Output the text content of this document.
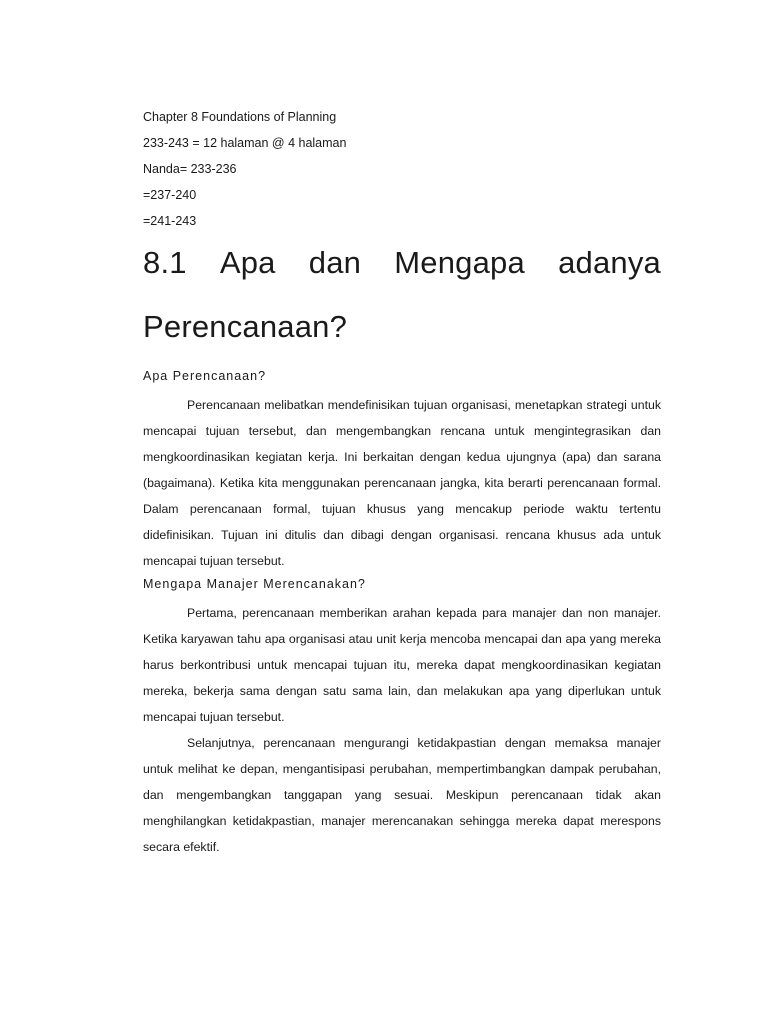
Chapter 8 Foundations of Planning

233-243 = 12 halaman @ 4 halaman

Nanda= 233-236

=237-240

=241-243

8.1 Apa dan Mengapa adanya
Perencanaan?
Apa Perencanaan?

Perencanaan melibatkan mendefinisikan tujuan organisasi, menetapkan strategi untuk mencapai tujuan tersebut, dan mengembangkan rencana untuk mengintegrasikan dan mengkoordinasikan kegiatan kerja. Ini berkaitan dengan kedua ujungnya (apa) dan sarana (bagaimana). Ketika kita menggunakan perencanaan jangka, kita berarti perencanaan formal. Dalam perencanaan formal, tujuan khusus yang mencakup periode waktu tertentu didefinisikan. Tujuan ini ditulis dan dibagi dengan organisasi. rencana khusus ada untuk mencapai tujuan tersebut.

Mengapa Manajer Merencanakan?

Pertama, perencanaan memberikan arahan kepada para manajer dan non manajer. Ketika karyawan tahu apa organisasi atau unit kerja mencoba mencapai dan apa yang mereka harus berkontribusi untuk mencapai tujuan itu, mereka dapat mengkoordinasikan kegiatan mereka, bekerja sama dengan satu sama lain, dan melakukan apa yang diperlukan untuk mencapai tujuan tersebut.

Selanjutnya, perencanaan mengurangi ketidakpastian dengan memaksa manajer untuk melihat ke depan, mengantisipasi perubahan, mempertimbangkan dampak perubahan, dan mengembangkan tanggapan yang sesuai. Meskipun perencanaan tidak akan menghilangkan ketidakpastian, manajer merencanakan sehingga mereka dapat merespons secara efektif.
